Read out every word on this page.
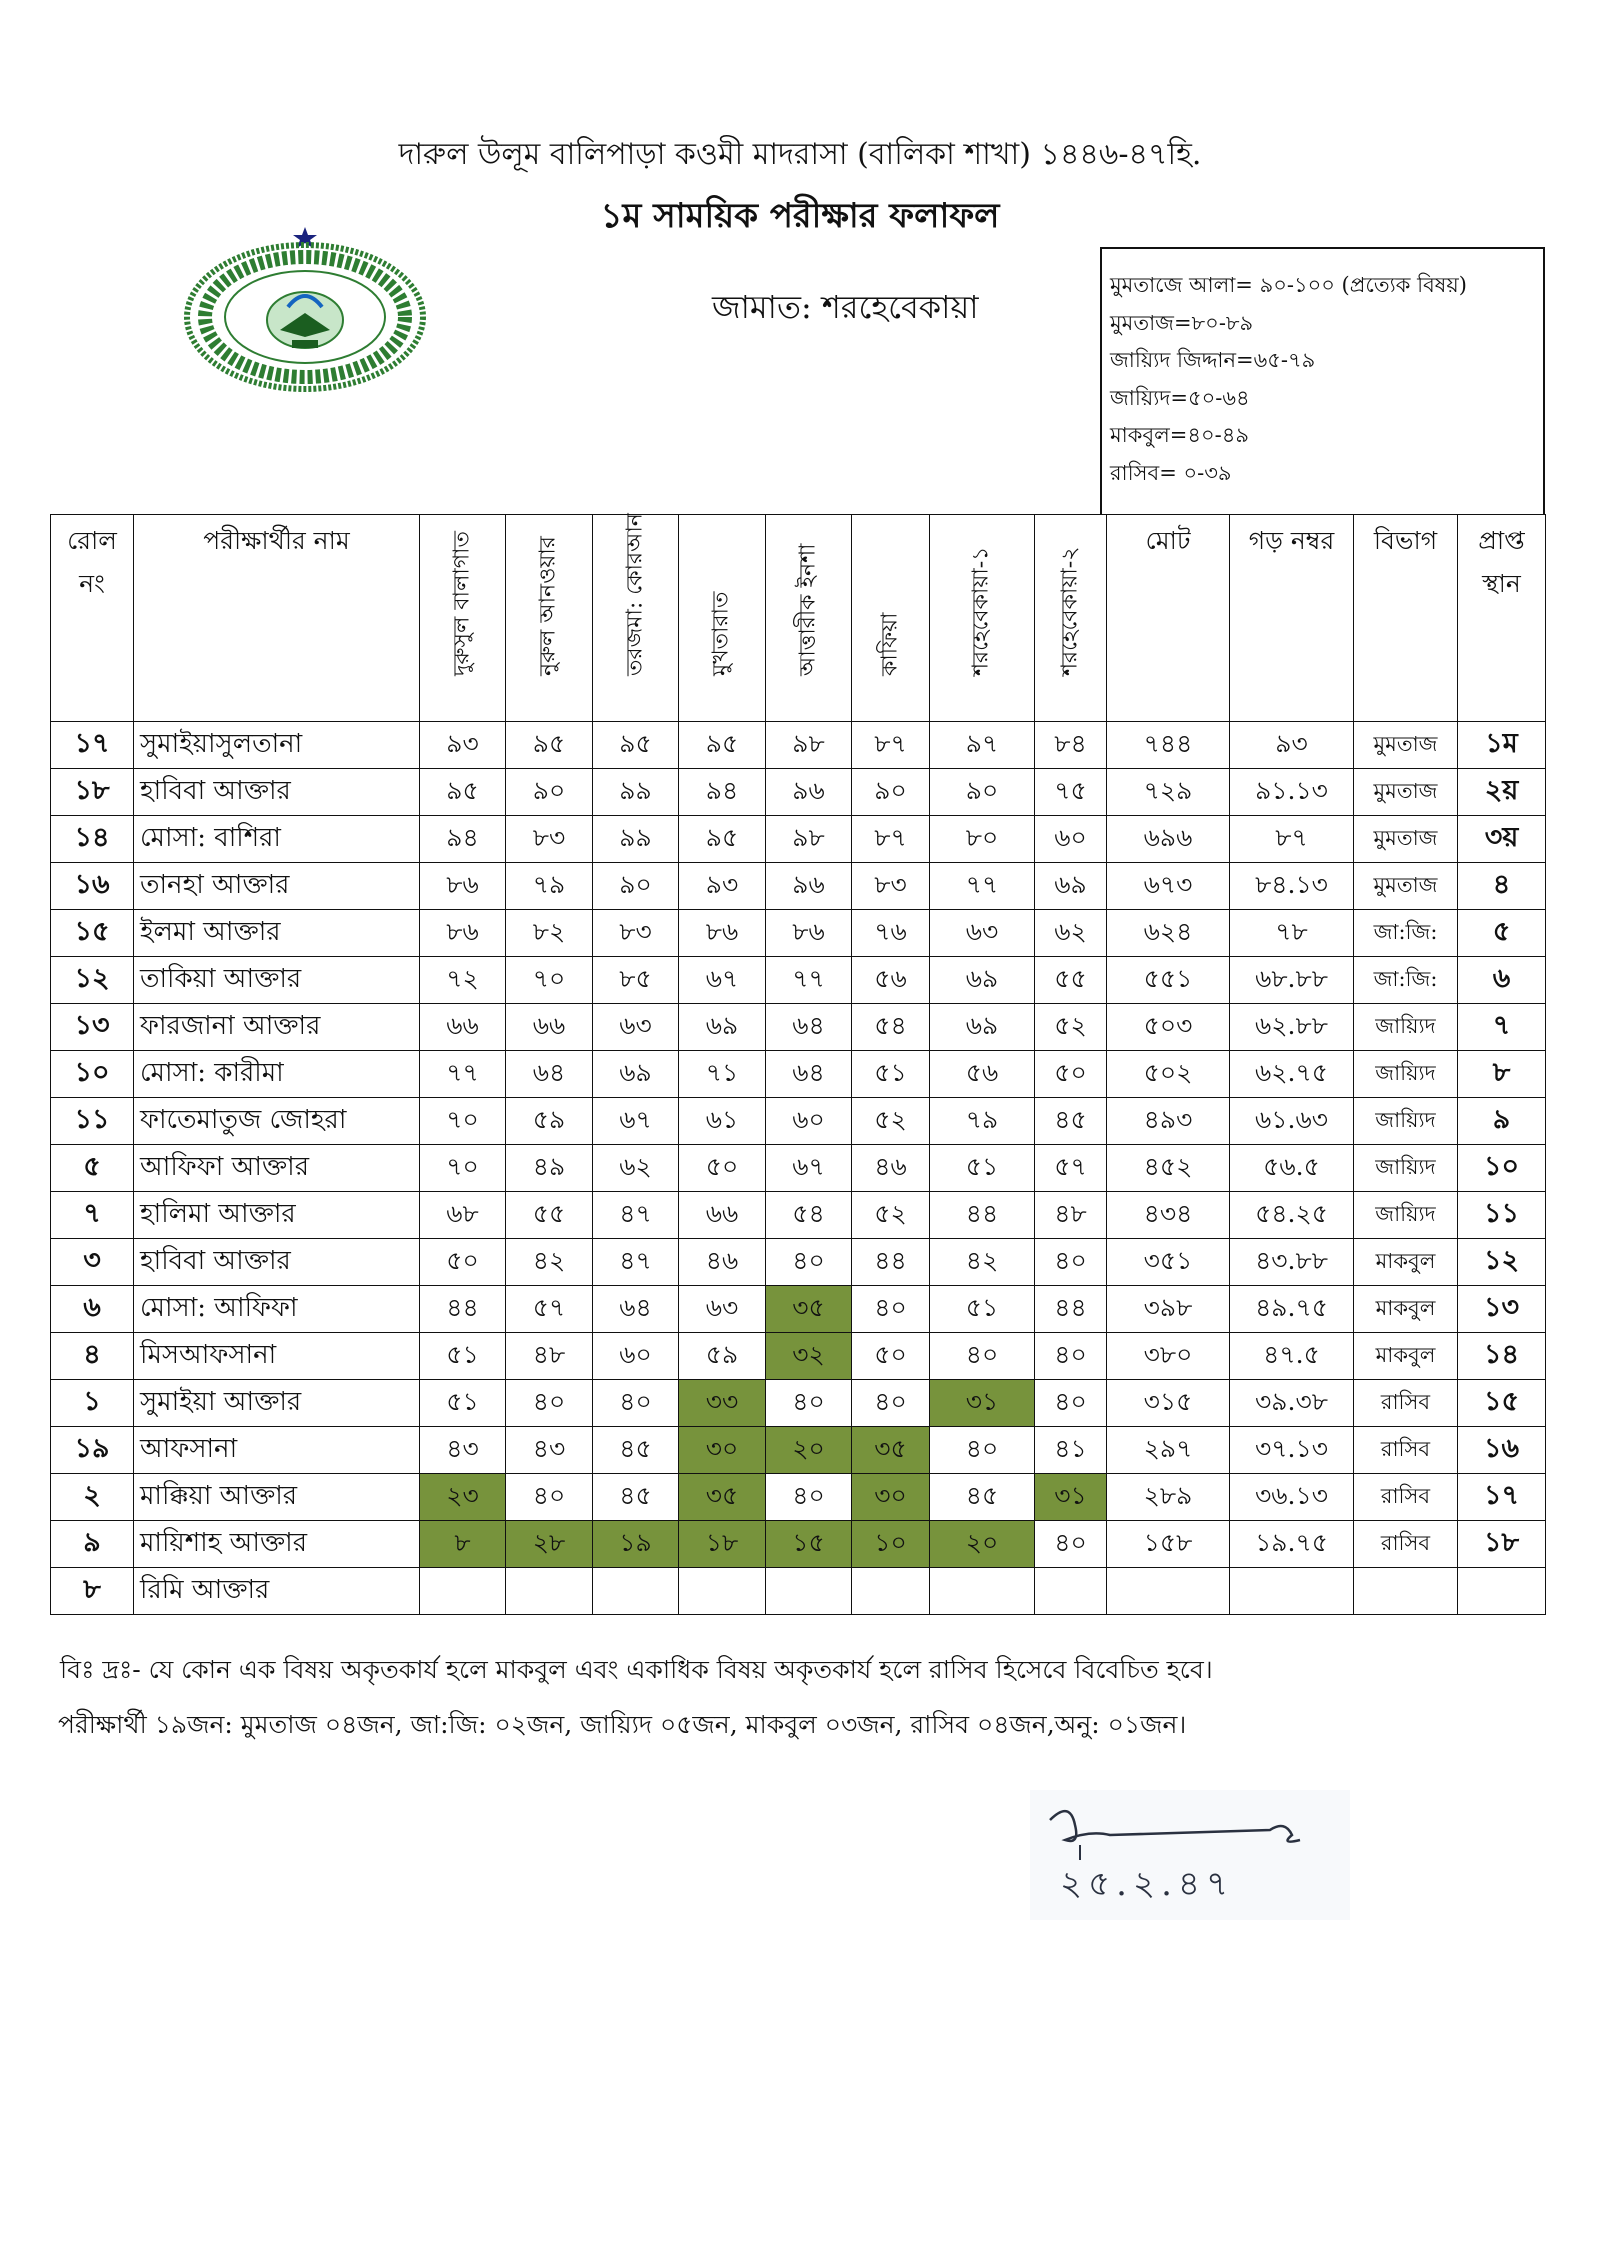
দারুল উলূম বালিপাড়া কওমী মাদরাসা (বালিকা শাখা) ১৪৪৬-৪৭হি.
১ম সাময়িক পরীক্ষার ফলাফল
জামাত: শরহেবেকায়া
মুমতাজে আলা= ৯০-১০০ (প্রত্যেক বিষয়)
মুমতাজ=৮০-৮৯
জায়্যিদ জিদ্দান=৬৫-৭৯
জায়্যিদ=৫০-৬৪
মাকবুল=৪০-৪৯
রাসিব= ০-৩৯
রোল নং	পরীক্ষার্থীর নাম	দুরুসুল বালাগাত	নুরুল আনওয়ার	তরজমা: কোরআন	মুখতারাত	আত্তারীক ইনশা	কাফিয়া	শরহেবেকায়া-১	শরহেবেকায়া-২	মোট	গড় নম্বর	বিভাগ	প্রাপ্ত স্থান
১৭	সুমাইয়াসুলতানা	৯৩	৯৫	৯৫	৯৫	৯৮	৮৭	৯৭	৮৪	৭৪৪	৯৩	মুমতাজ	১ম
১৮	হাবিবা আক্তার	৯৫	৯০	৯৯	৯৪	৯৬	৯০	৯০	৭৫	৭২৯	৯১.১৩	মুমতাজ	২য়
১৪	মোসা: বাশিরা	৯৪	৮৩	৯৯	৯৫	৯৮	৮৭	৮০	৬০	৬৯৬	৮৭	মুমতাজ	৩য়
১৬	তানহা আক্তার	৮৬	৭৯	৯০	৯৩	৯৬	৮৩	৭৭	৬৯	৬৭৩	৮৪.১৩	মুমতাজ	৪
১৫	ইলমা আক্তার	৮৬	৮২	৮৩	৮৬	৮৬	৭৬	৬৩	৬২	৬২৪	৭৮	জা:জি:	৫
১২	তাকিয়া আক্তার	৭২	৭০	৮৫	৬৭	৭৭	৫৬	৬৯	৫৫	৫৫১	৬৮.৮৮	জা:জি:	৬
১৩	ফারজানা আক্তার	৬৬	৬৬	৬৩	৬৯	৬৪	৫৪	৬৯	৫২	৫০৩	৬২.৮৮	জায়্যিদ	৭
১০	মোসা: কারীমা	৭৭	৬৪	৬৯	৭১	৬৪	৫১	৫৬	৫০	৫০২	৬২.৭৫	জায়্যিদ	৮
১১	ফাতেমাতুজ জোহরা	৭০	৫৯	৬৭	৬১	৬০	৫২	৭৯	৪৫	৪৯৩	৬১.৬৩	জায়্যিদ	৯
৫	আফিফা আক্তার	৭০	৪৯	৬২	৫০	৬৭	৪৬	৫১	৫৭	৪৫২	৫৬.৫	জায়্যিদ	১০
৭	হালিমা আক্তার	৬৮	৫৫	৪৭	৬৬	৫৪	৫২	৪৪	৪৮	৪৩৪	৫৪.২৫	জায়্যিদ	১১
৩	হাবিবা আক্তার	৫০	৪২	৪৭	৪৬	৪০	৪৪	৪২	৪০	৩৫১	৪৩.৮৮	মাকবুল	১২
৬	মোসা: আফিফা	৪৪	৫৭	৬৪	৬৩	৩৫	৪০	৫১	৪৪	৩৯৮	৪৯.৭৫	মাকবুল	১৩
৪	মিসআফসানা	৫১	৪৮	৬০	৫৯	৩২	৫০	৪০	৪০	৩৮০	৪৭.৫	মাকবুল	১৪
১	সুমাইয়া আক্তার	৫১	৪০	৪০	৩৩	৪০	৪০	৩১	৪০	৩১৫	৩৯.৩৮	রাসিব	১৫
১৯	আফসানা	৪৩	৪৩	৪৫	৩০	২০	৩৫	৪০	৪১	২৯৭	৩৭.১৩	রাসিব	১৬
২	মাক্কিয়া আক্তার	২৩	৪০	৪৫	৩৫	৪০	৩০	৪৫	৩১	২৮৯	৩৬.১৩	রাসিব	১৭
৯	মায়িশাহ আক্তার	৮	২৮	১৯	১৮	১৫	১০	২০	৪০	১৫৮	১৯.৭৫	রাসিব	১৮
৮	রিমি আক্তার												
বিঃ দ্রঃ- যে কোন এক বিষয় অকৃতকার্য হলে মাকবুল এবং একাধিক বিষয় অকৃতকার্য হলে রাসিব হিসেবে বিবেচিত হবে।
পরীক্ষার্থী ১৯জন: মুমতাজ ০৪জন, জা:জি: ০২জন, জায়্যিদ ০৫জন, মাকবুল ০৩জন, রাসিব ০৪জন,অনু: ০১জন।
২৫.২.৪৭
